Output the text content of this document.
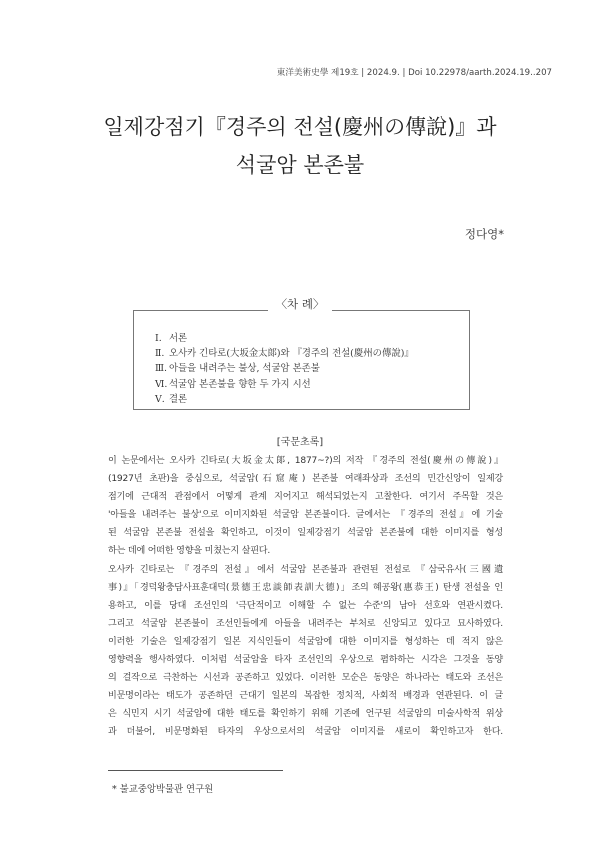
東洋美術史學 제19호 | 2024.9. | Doi 10.22978/aarth.2024.19..207
일제강점기『경주의 전설(慶州の傳說)』과
석굴암 본존불
정다영*
〈차 례〉
Ⅰ. 서론
Ⅱ. 오사카 긴타로(大坂金太郞)와 『경주의 전설(慶州の傳說)』
Ⅲ. 아들을 내려주는 불상, 석굴암 본존불
Ⅵ. 석굴암 본존불을 향한 두 가지 시선
Ⅴ. 결론
[국문초록]
이 논문에서는 오사카 긴타로(大坂金太郞, 1877~?)의 저작 『경주의 전설(慶州の傳說)』
(1927년 초판)을 중심으로, 석굴암(石窟庵) 본존불 여래좌상과 조선의 민간신앙이 일제강
점기에 근대적 관점에서 어떻게 관계 지어지고 해석되었는지 고찰한다. 여기서 주목할 것은
'아들을 내려주는 불상'으로 이미지화된 석굴암 본존불이다. 글에서는 『경주의 전설』에 기술
된 석굴암 본존불 전설을 확인하고, 이것이 일제강점기 석굴암 본존불에 대한 이미지를 형성
하는 데에 어떠한 영향을 미쳤는지 살핀다.
오사카 긴타로는 『경주의 전설』에서 석굴암 본존불과 관련된 전설로 『삼국유사(三國遺
事)』「경덕왕충담사표훈대덕(景德王忠談師表訓大德)」조의 혜공왕(惠恭王) 탄생 전설을 인
용하고, 이를 당대 조선인의 '극단적이고 이해할 수 없는 수준'의 남아 선호와 연관시켰다.
그리고 석굴암 본존불이 조선인들에게 아들을 내려주는 부처로 신앙되고 있다고 묘사하였다.
이러한 기술은 일제강점기 일본 지식인들이 석굴암에 대한 이미지를 형성하는 데 적지 않은
영향력을 행사하였다. 이처럼 석굴암을 타자 조선인의 우상으로 폄하하는 시각은 그것을 동양
의 걸작으로 극찬하는 시선과 공존하고 있었다. 이러한 모순은 동양은 하나라는 태도와 조선은
비문명이라는 태도가 공존하던 근대기 일본의 복잡한 정치적, 사회적 배경과 연관된다. 이 글
은 식민지 시기 석굴암에 대한 태도를 확인하기 위해 기존에 언구된 석굴암의 미술사학적 위상
과 더불어, 비문명화된 타자의 우상으로서의 석굴암 이미지를 새로이 확인하고자 한다.
* 불교중앙박물관 연구원
